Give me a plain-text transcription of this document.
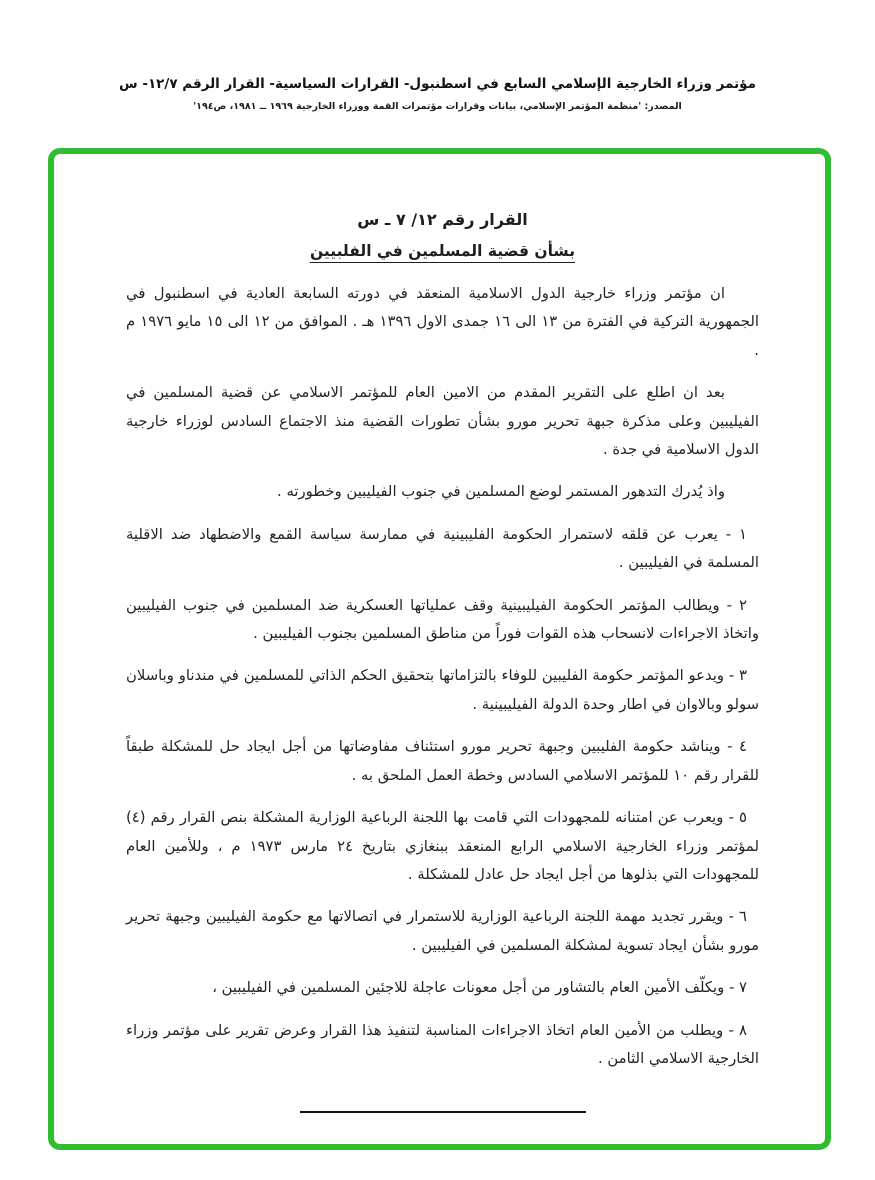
مؤتمر وزراء الخارجية الإسلامي السابع في اسطنبول- القرارات السياسية- القرار الرقم ١٢/٧- س
المصدر: 'منظمة المؤتمر الإسلامي، بيانات وقرارات مؤتمرات القمة ووزراء الخارجية ١٩٦٩ ــ ١٩٨١، ص١٩٤'
القرار رقم ١٢/ ٧ ـ س
بشأن قضية المسلمين في الفلبيين

ان مؤتمر وزراء خارجية الدول الاسلامية المنعقد في دورته السابعة العادية في اسطنبول في الجمهورية التركية في الفترة من ١٣ الى ١٦ جمدى الاول ١٣٩٦ هـ . الموافق من ١٢ الى ١٥ مايو ١٩٧٦ م .

بعد ان اطلع على التقرير المقدم من الامين العام للمؤتمر الاسلامي عن قضية المسلمين في الفيليبين وعلى مذكرة جبهة تحرير مورو بشأن تطورات القضية منذ الاجتماع السادس لوزراء خارجية الدول الاسلامية في جدة .

واذ يُدرك التدهور المستمر لوضع المسلمين في جنوب الفيليبين وخطورته .

١ - يعرب عن قلقه لاستمرار الحكومة الفليبينية في ممارسة سياسة القمع والاضطهاد ضد الاقلية المسلمة في الفيليبين .

٢ - ويطالب المؤتمر الحكومة الفيليبينية وقف عملياتها العسكرية ضد المسلمين في جنوب الفيليبين واتخاذ الاجراءات لانسحاب هذه القوات فوراً من مناطق المسلمين بجنوب الفيليبين .

٣ - ويدعو المؤتمر حكومة الفليبين للوفاء بالتزاماتها بتحقيق الحكم الذاتي للمسلمين في مندناو وباسلان سولو وبالاوان في اطار وحدة الدولة الفيليبينية .

٤ - ويناشد حكومة الفليبين وجبهة تحرير مورو استئناف مفاوضاتها من أجل ايجاد حل للمشكلة طبقاً للقرار رقم ١٠ للمؤتمر الاسلامي السادس وخطة العمل الملحق به .

٥ - ويعرب عن امتنانه للمجهودات التي قامت بها اللجنة الرباعية الوزارية المشكلة بنص القرار رقم (٤) لمؤتمر وزراء الخارجية الاسلامي الرابع المنعقد ببنغازي بتاريخ ٢٤ مارس ١٩٧٣ م ، وللأمين العام للمجهودات التي بذلوها من أجل ايجاد حل عادل للمشكلة .

٦ - ويقرر تجديد مهمة اللجنة الرباعية الوزارية للاستمرار في اتصالاتها مع حكومة الفيليبين وجبهة تحرير مورو بشأن ايجاد تسوية لمشكلة المسلمين في الفيليبين .

٧ - ويكلّف الأمين العام بالتشاور من أجل معونات عاجلة للاجئين المسلمين في الفيليبين ،

٨ - ويطلب من الأمين العام اتخاذ الاجراءات المناسبة لتنفيذ هذا القرار وعرض تقرير على مؤتمر وزراء الخارجية الاسلامي الثامن .
